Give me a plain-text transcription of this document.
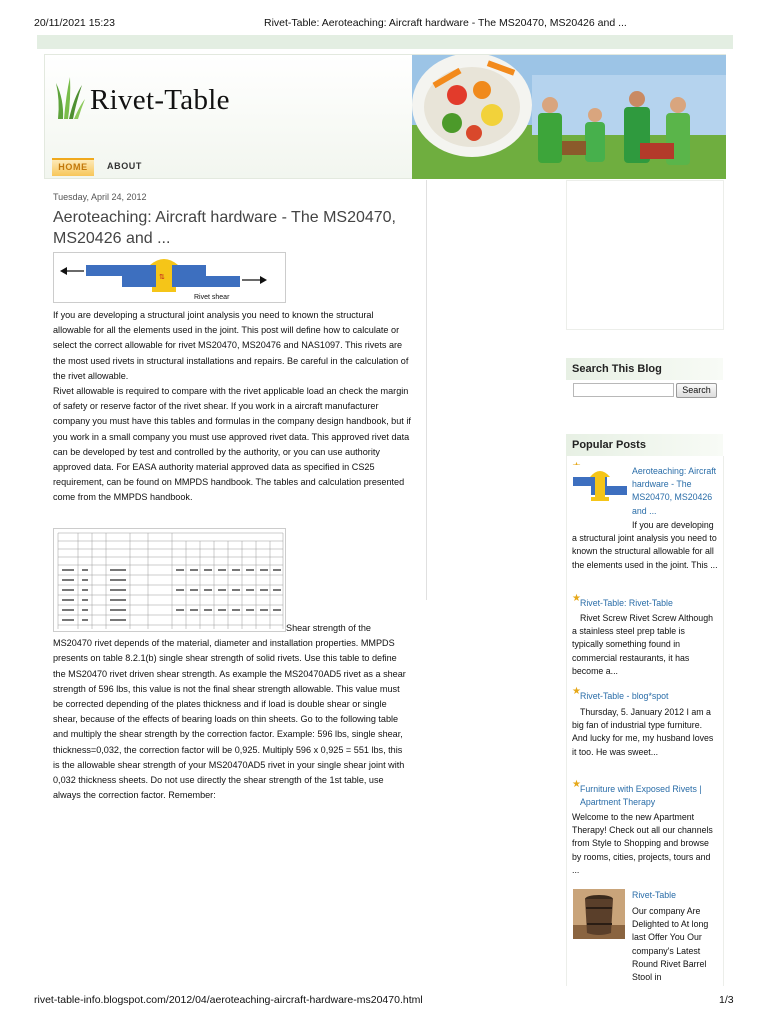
20/11/2021 15:23	Rivet-Table: Aeroteaching: Aircraft hardware - The MS20470, MS20426 and ...
Rivet-Table
HOME	ABOUT
Tuesday, April 24, 2012
Aeroteaching: Aircraft hardware - The MS20470, MS20426 and ...
⇅
Rivet shear

If you are developing a structural joint analysis you need to known the structural allowable for all the elements used in the joint. This post will define how to calculate or select the correct allowable for rivet MS20470, MS20476 and NAS1097. This rivets are the most used rivets in structural installations and repairs. Be careful in the calculation of the rivet allowable.

Rivet allowable is required to compare with the rivet applicable load an check the margin of safety or reserve factor of the rivet shear. If you work in a aircraft manufacturer company you must have this tables and formulas in the company design handbook, but if you work in a small company you must use approved rivet data. This approved rivet data can be developed by test and controlled by the authority, or you can use authority approved data. For EASA authority material approved data as specified in CS25 requirement, can be found on MMPDS handbook. The tables and calculation presented come from the MMPDS handbook.

Shear strength of the MS20470 rivet depends of the material, diameter and installation properties. MMPDS presents on table 8.2.1(b) single shear strength of solid rivets. Use this table to define the MS20470 rivet driven shear strength. As example the MS20470AD5 rivet as a shear strength of 596 lbs, this value is not the final shear strength allowable. This value must be corrected depending of the plates thickness and if load is double shear or single shear, because of the effects of bearing loads on thin sheets. Go to the following table and multiply the shear strength by the correction factor. Example: 596 lbs, single shear, thickness=0,032, the correction factor will be 0,925. Multiply 596 x 0,925 = 551 lbs, this is the allowable shear strength of your MS20470AD5 rivet in your single shear joint with 0,032 thickness sheets. Do not use directly the shear strength of the 1st table, use always the correction factor. Remember:

Search This Blog
Search
Popular Posts
Aeroteaching: Aircraft hardware - The MS20470, MS20426 and ...
If you are developing a structural joint analysis you need to known the structural allowable for all the elements used in the joint. This ...
★ Rivet-Table: Rivet-Table
Rivet Screw Rivet Screw Although a stainless steel prep table is typically something found in commercial restaurants, it has become a...
★ Rivet-Table - blog*spot
Thursday, 5. January 2012 I am a big fan of industrial type furniture. And lucky for me, my husband loves it too. He was sweet...
★ Furniture with Exposed Rivets | Apartment Therapy
Welcome to the new Apartment Therapy! Check out all our channels from Style to Shopping and browse by rooms, cities, projects, tours and ...
Rivet-Table
Our company Are Delighted to At long last Offer You Our company's Latest Round Rivet Barrel Stool in
rivet-table-info.blogspot.com/2012/04/aeroteaching-aircraft-hardware-ms20470.html	1/3
